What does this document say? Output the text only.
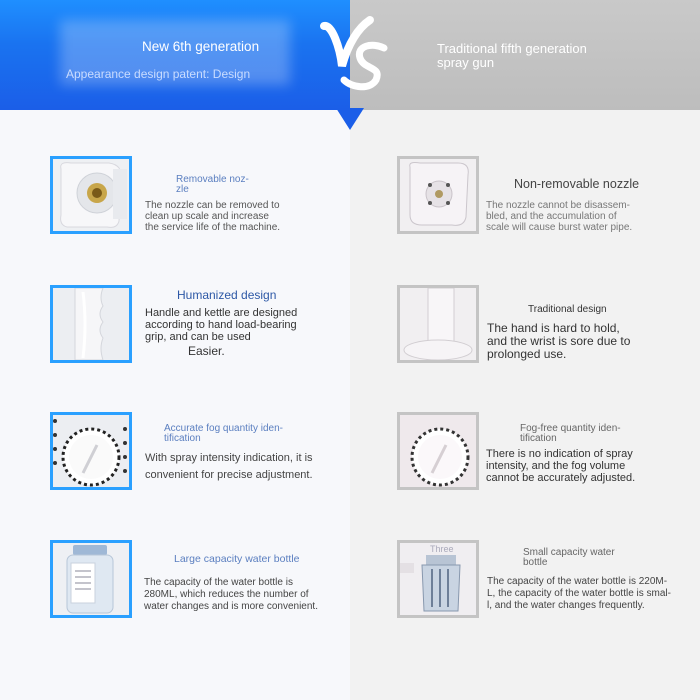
New 6th generation
Appearance design patent: Design
Traditional fifth generation
spray gun
Removable noz-
zle
The nozzle can be removed to
clean up scale and increase
the service life of the machine.
Non-removable nozzle
The nozzle cannot be disassem-
bled, and the accumulation of
scale will cause burst water pipe.
Humanized design
Handle and kettle are designed
according to hand load-bearing
grip, and can be used
Easier.
Traditional design
The hand is hard to hold,
and the wrist is sore due to
prolonged use.
Accurate fog quantity iden-
tification
With spray intensity indication, it is
convenient for precise adjustment.
Fog-free quantity iden-
tification
There is no indication of spray
intensity, and the fog volume
cannot be accurately adjusted.
Large capacity water bottle
The capacity of the water bottle is
280ML, which reduces the number of
water changes and is more convenient.
Three	Small capacity water
bottle
The capacity of the water bottle is 220M-
L, the capacity of the water bottle is smal-
l, and the water changes frequently.
